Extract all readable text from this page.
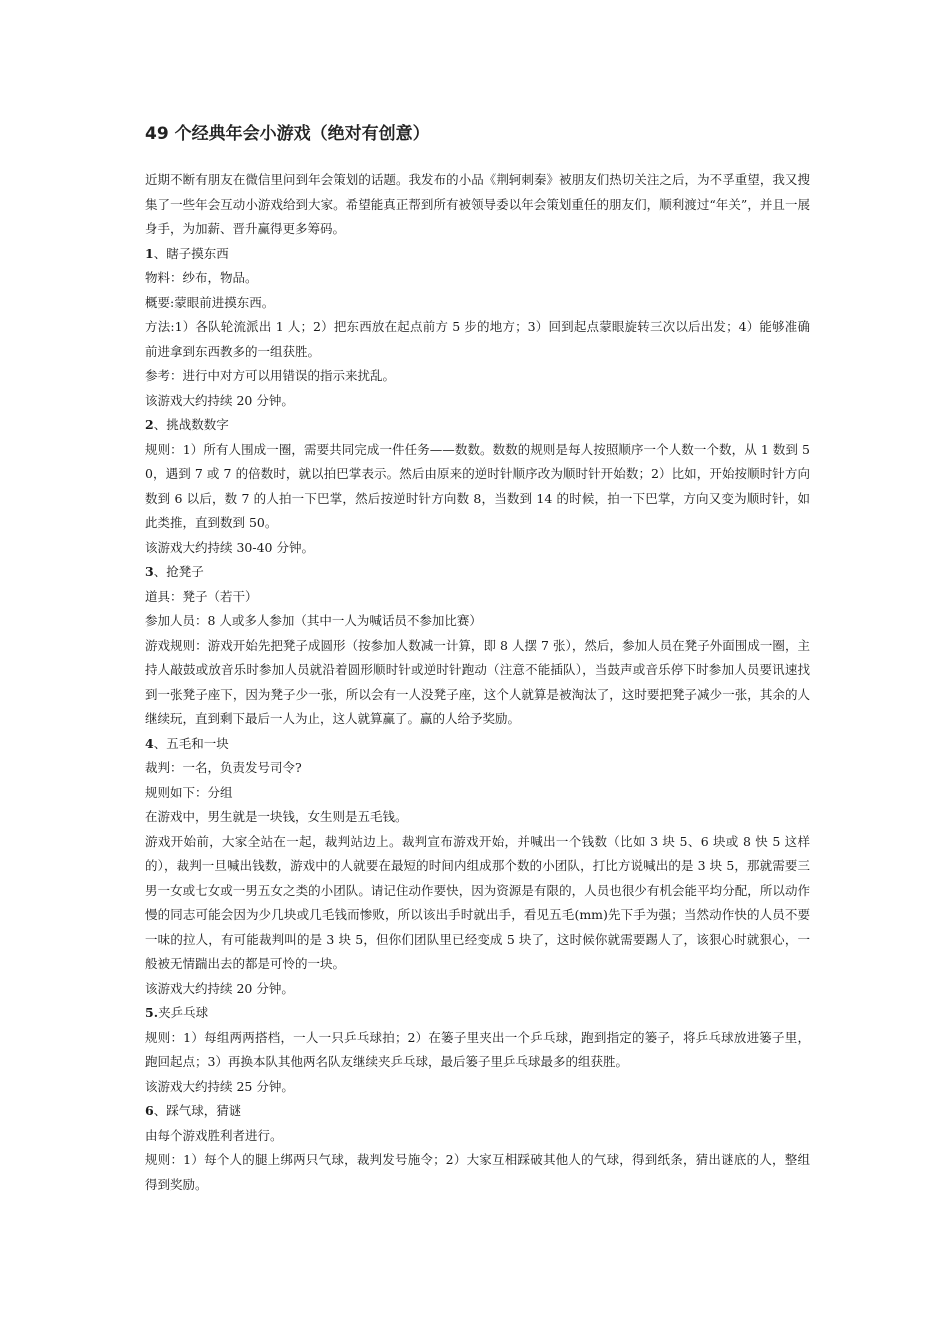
49 个经典年会小游戏（绝对有创意）

近期不断有朋友在微信里问到年会策划的话题。我发布的小品《荆轲刺秦》被朋友们热切关注之后，为不孚重望，我又搜集了一些年会互动小游戏给到大家。希望能真正帮到所有被领导委以年会策划重任的朋友们，顺利渡过“年关”，并且一展身手，为加薪、晋升赢得更多筹码。

1、瞎子摸东西

物料：纱布，物品。

概要:蒙眼前进摸东西。

方法:1）各队轮流派出 1 人；2）把东西放在起点前方 5 步的地方；3）回到起点蒙眼旋转三次以后出发；4）能够准确前进拿到东西教多的一组获胜。

参考：进行中对方可以用错误的指示来扰乱。

该游戏大约持续 20 分钟。

2、挑战数数字

规则：1）所有人围成一圈，需要共同完成一件任务——数数。数数的规则是每人按照顺序一个人数一个数，从 1 数到 50，遇到 7 或 7 的倍数时，就以拍巴掌表示。然后由原来的逆时针顺序改为顺时针开始数；2）比如，开始按顺时针方向数到 6 以后，数 7 的人拍一下巴掌，然后按逆时针方向数 8，当数到 14 的时候，拍一下巴掌，方向又变为顺时针，如此类推，直到数到 50。

该游戏大约持续 30-40 分钟。

3、抢凳子

道具：凳子（若干）

参加人员：8 人或多人参加（其中一人为喊话员不参加比赛）

游戏规则：游戏开始先把凳子成圆形（按参加人数减一计算，即 8 人摆 7 张），然后，参加人员在凳子外面围成一圈，主持人敲鼓或放音乐时参加人员就沿着圆形顺时针或逆时针跑动（注意不能插队），当鼓声或音乐停下时参加人员要讯速找到一张凳子座下，因为凳子少一张，所以会有一人没凳子座，这个人就算是被淘汰了，这时要把凳子减少一张，其余的人继续玩，直到剩下最后一人为止，这人就算赢了。赢的人给予奖励。

4、五毛和一块

裁判：一名，负责发号司令?

规则如下：分组

在游戏中，男生就是一块钱，女生则是五毛钱。

游戏开始前，大家全站在一起，裁判站边上。裁判宣布游戏开始，并喊出一个钱数（比如 3 块 5、6 块或 8 快 5 这样的），裁判一旦喊出钱数，游戏中的人就要在最短的时间内组成那个数的小团队，打比方说喊出的是 3 块 5，那就需要三男一女或七女或一男五女之类的小团队。请记住动作要快，因为资源是有限的，人员也很少有机会能平均分配，所以动作慢的同志可能会因为少几块或几毛钱而惨败，所以该出手时就出手，看见五毛(mm)先下手为强；当然动作快的人员不要一味的拉人，有可能裁判叫的是 3 块 5，但你们团队里已经变成 5 块了，这时候你就需要踢人了，该狠心时就狠心，一般被无情踹出去的都是可怜的一块。

该游戏大约持续 20 分钟。

5.夹乒乓球

规则：1）每组两两搭档，一人一只乒乓球拍；2）在篓子里夹出一个乒乓球，跑到指定的篓子，将乒乓球放进篓子里，跑回起点；3）再换本队其他两名队友继续夹乒乓球，最后篓子里乒乓球最多的组获胜。

该游戏大约持续 25 分钟。

6、踩气球，猜谜

由每个游戏胜利者进行。

规则：1）每个人的腿上绑两只气球，裁判发号施令；2）大家互相踩破其他人的气球，得到纸条，猜出谜底的人，整组得到奖励。
